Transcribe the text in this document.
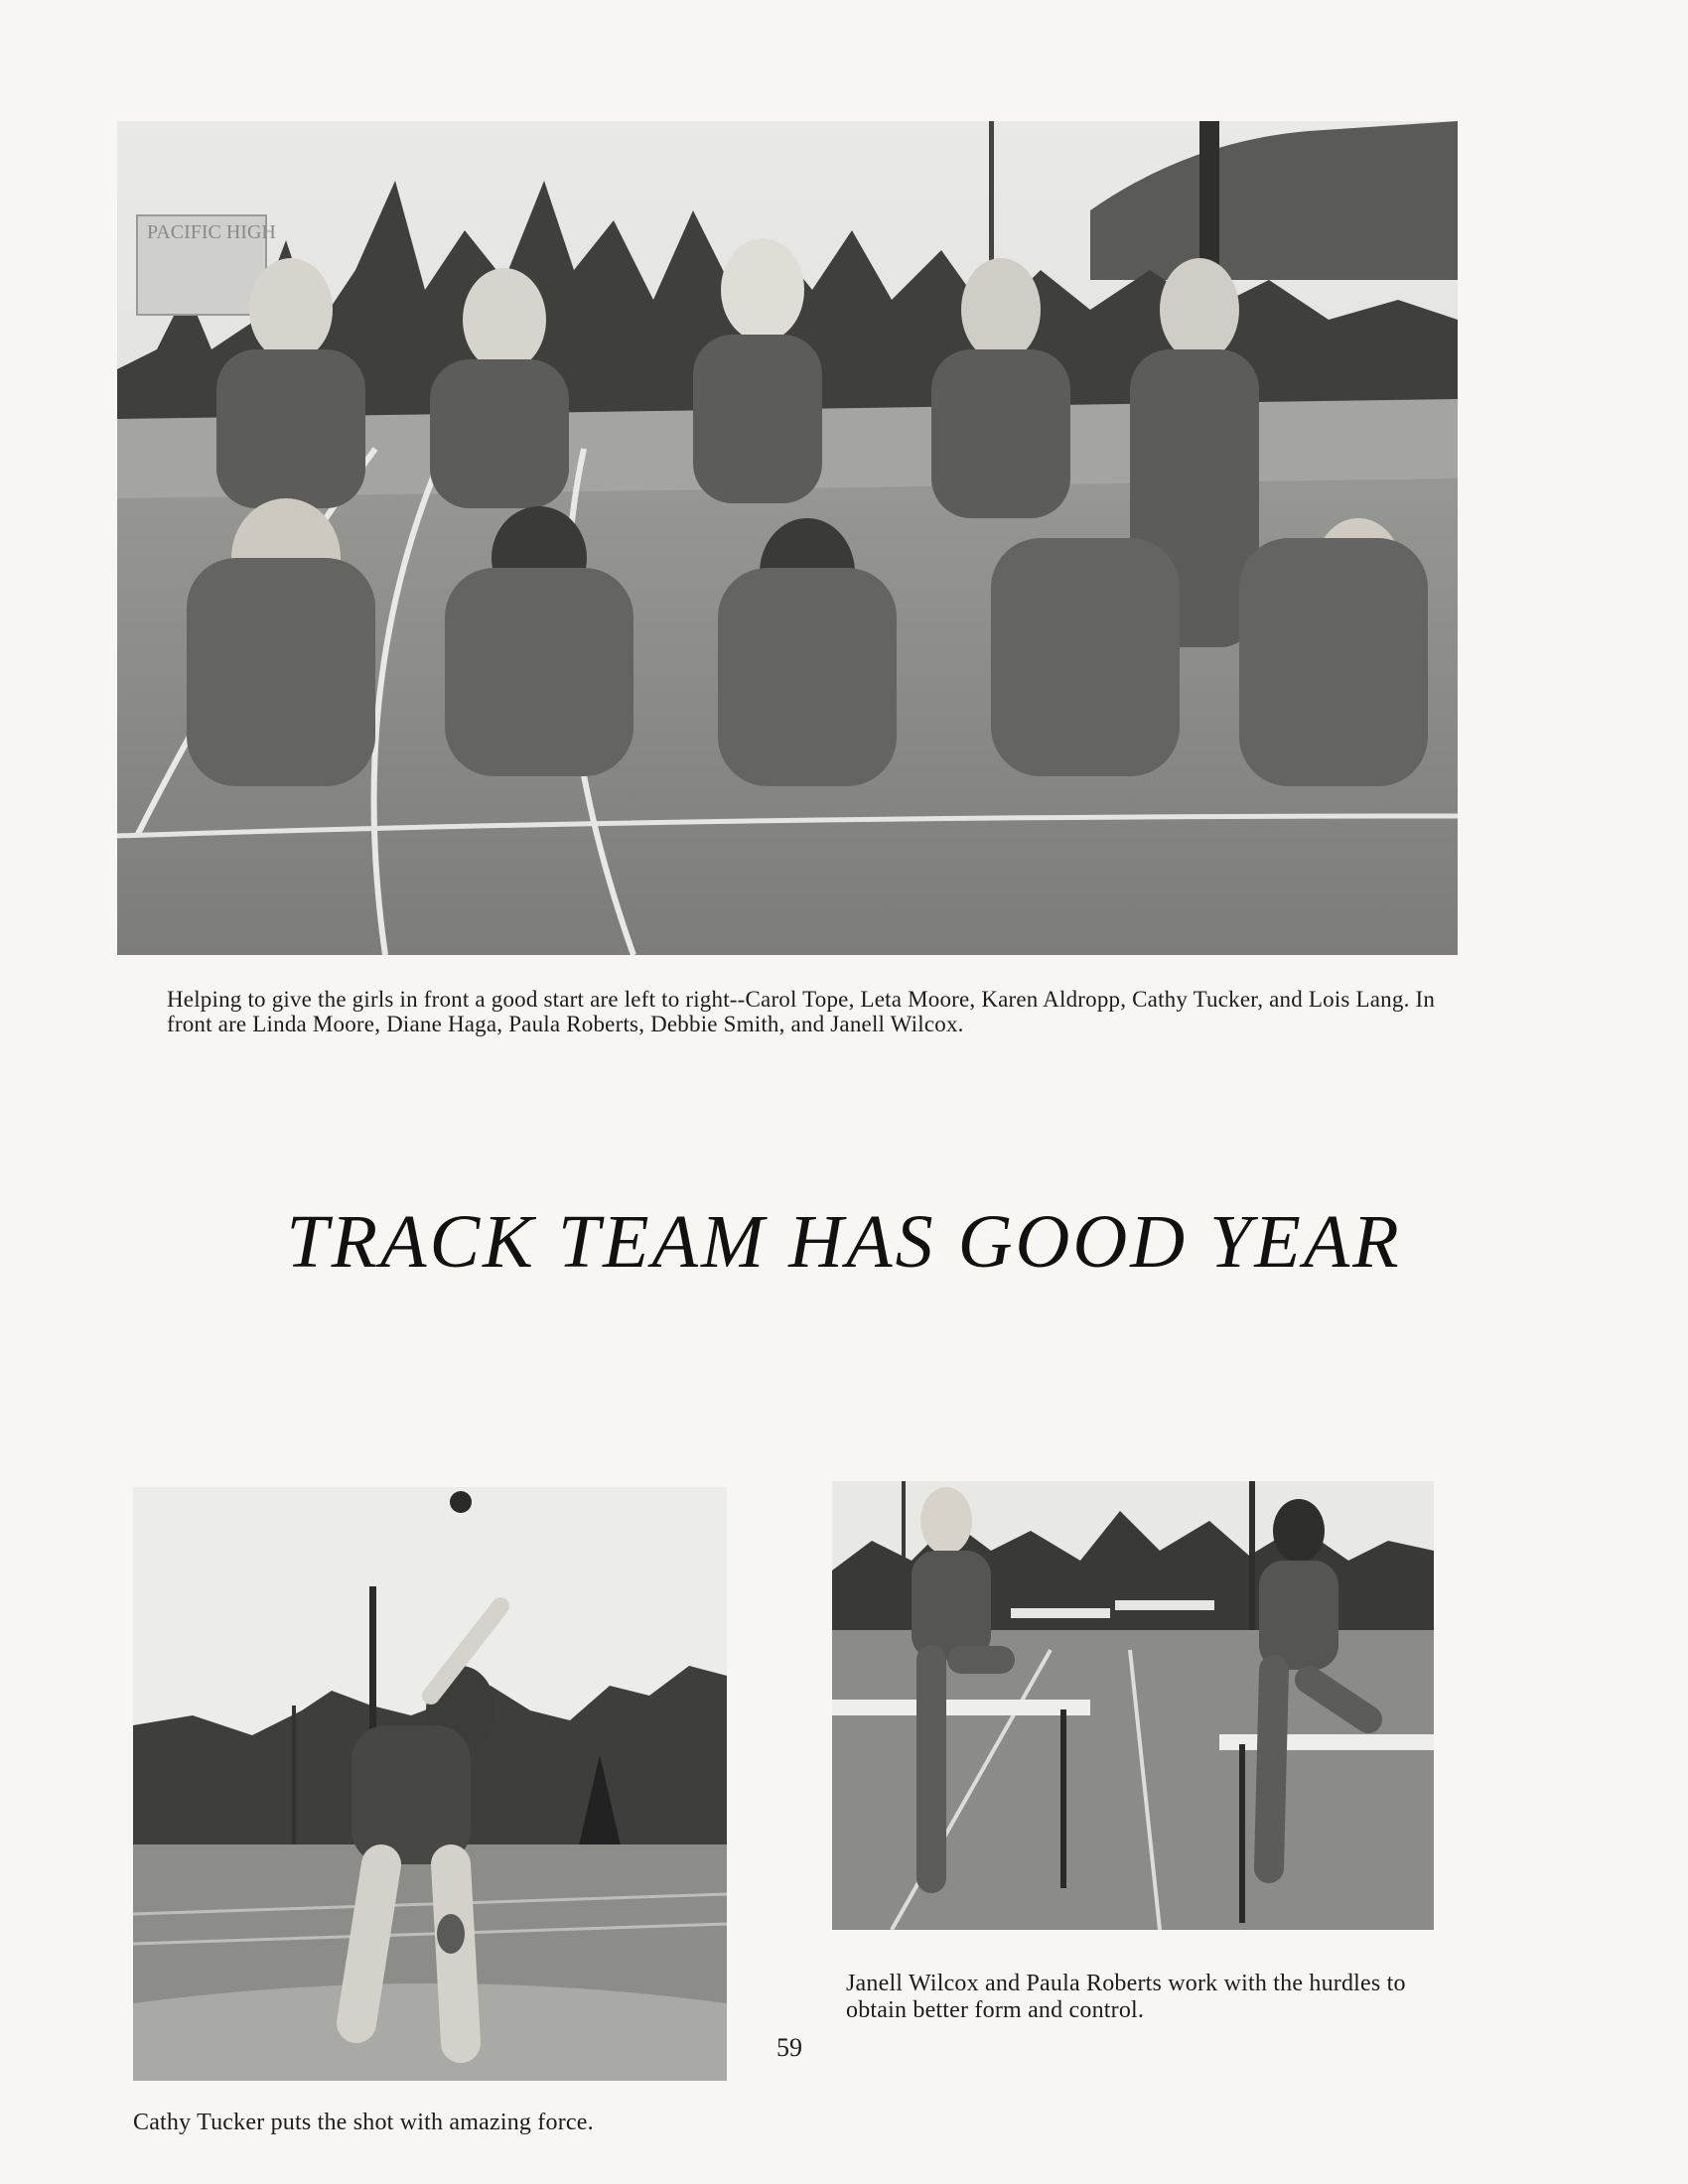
PACIFIC HIGH
Helping to give the girls in front a good start are left to right--Carol Tope, Leta Moore, Karen Aldropp, Cathy Tucker, and Lois Lang. In front are Linda Moore, Diane Haga, Paula Roberts, Debbie Smith, and Janell Wilcox.
TRACK TEAM HAS GOOD YEAR
Janell Wilcox and Paula Roberts work with the hurdles to obtain better form and control.
59
Cathy Tucker puts the shot with amazing force.
